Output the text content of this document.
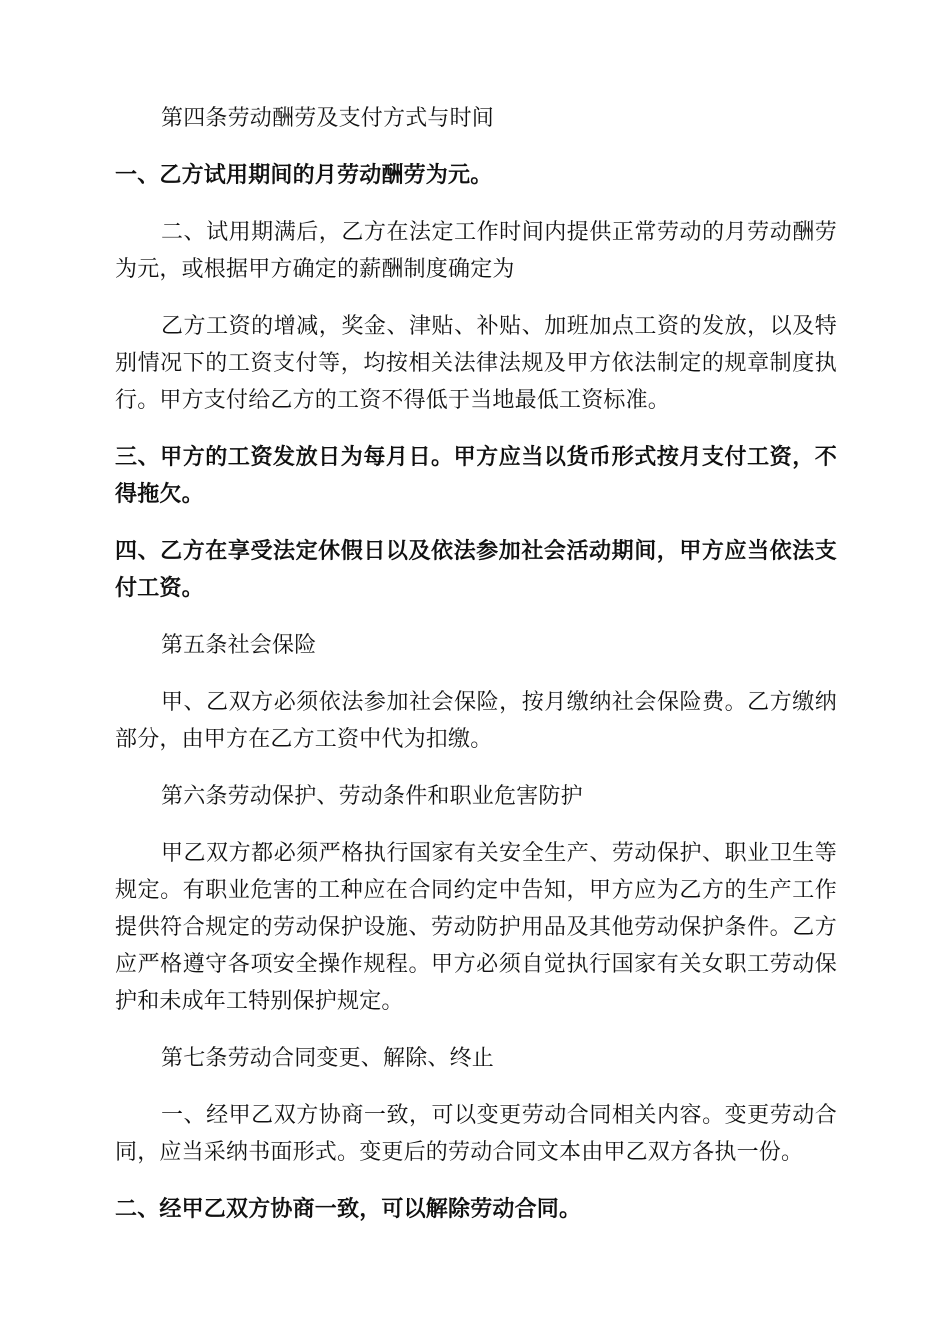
第四条劳动酬劳及支付方式与时间

一、乙方试用期间的月劳动酬劳为元。

二、试用期满后，乙方在法定工作时间内提供正常劳动的月劳动酬劳为元，或根据甲方确定的薪酬制度确定为

乙方工资的增减，奖金、津贴、补贴、加班加点工资的发放，以及特别情况下的工资支付等，均按相关法律法规及甲方依法制定的规章制度执行。甲方支付给乙方的工资不得低于当地最低工资标准。

三、甲方的工资发放日为每月日。甲方应当以货币形式按月支付工资，不得拖欠。

四、乙方在享受法定休假日以及依法参加社会活动期间，甲方应当依法支付工资。

第五条社会保险

甲、乙双方必须依法参加社会保险，按月缴纳社会保险费。乙方缴纳部分，由甲方在乙方工资中代为扣缴。

第六条劳动保护、劳动条件和职业危害防护

甲乙双方都必须严格执行国家有关安全生产、劳动保护、职业卫生等规定。有职业危害的工种应在合同约定中告知，甲方应为乙方的生产工作提供符合规定的劳动保护设施、劳动防护用品及其他劳动保护条件。乙方应严格遵守各项安全操作规程。甲方必须自觉执行国家有关女职工劳动保护和未成年工特别保护规定。

第七条劳动合同变更、解除、终止

一、经甲乙双方协商一致，可以变更劳动合同相关内容。变更劳动合同，应当采纳书面形式。变更后的劳动合同文本由甲乙双方各执一份。

二、经甲乙双方协商一致，可以解除劳动合同。
